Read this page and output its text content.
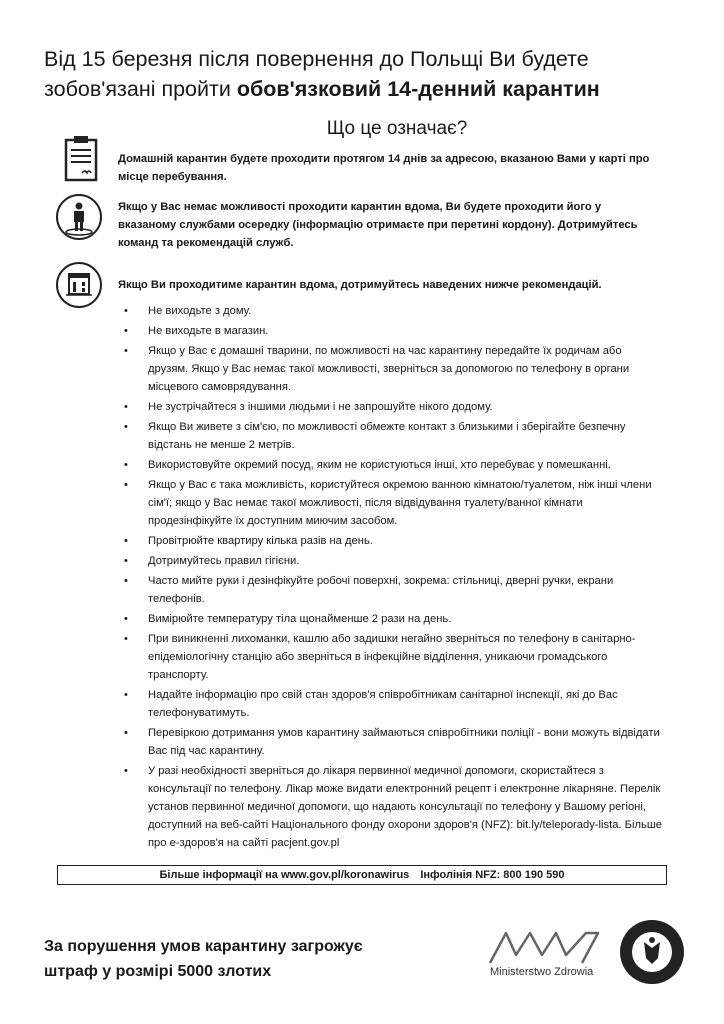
Від 15 березня після повернення до Польщі Ви будете зобов'язані пройти обов'язковий 14-денний карантин
Що це означає?
Домашній карантин будете проходити протягом 14 днів за адресою, вказаною Вами у карті про місце перебування.
Якщо у Вас немає можливості проходити карантин вдома, Ви будете проходити його у вказаному службами осередку (інформацію отримаєте при перетині кордону). Дотримуйтесь команд та рекомендацій служб.
Якщо Ви проходитиме карантин вдома, дотримуйтесь наведених нижче рекомендацій.
• Не виходьте з дому.
• Не виходьте в магазин.
• Якщо у Вас є домашні тварини, по можливості на час карантину передайте їх родичам або друзям. Якщо у Вас немає такої можливості, зверніться за допомогою по телефону в органи місцевого самоврядування.
• Не зустрічайтеся з іншими людьми і не запрошуйте нікого додому.
• Якщо Ви живете з сім'єю, по можливості обмежте контакт з близькими і зберігайте безпечну відстань не менше 2 метрів.
• Використовуйте окремий посуд, яким не користуються інші, хто перебуває у помешканні.
• Якщо у Вас є така можливість, користуйтеся окремою ванною кімнатою/туалетом, ніж інші члени сім'ї; якщо у Вас немає такої можливості, після відвідування туалету/ванної кімнати продезінфікуйте їх доступним миючим засобом.
• Провітрюйте квартиру кілька разів на день.
• Дотримуйтесь правил гігієни.
• Часто мийте руки і дезінфікуйте робочі поверхні, зокрема: стільниці, дверні ручки, екрани телефонів.
• Вимірюйте температуру тіла щонайменше 2 рази на день.
• При виникненні лихоманки, кашлю або задишки негайно зверніться по телефону в санітарно-епідеміологічну станцію або зверніться в інфекційне відділення, уникаючи громадського транспорту.
• Надайте інформацію про свій стан здоров'я співробітникам санітарної інспекції, які до Вас телефонуватимуть.
• Перевіркою дотримання умов карантину займаються співробітники поліції - вони можуть відвідати Вас під час карантину.
• У разі необхідності зверніться до лікаря первинної медичної допомоги, скористайтеся з консультації по телефону. Лікар може видати електронний рецепт і електронне лікарняне. Перелік установ первинної медичної допомоги, що надають консультації по телефону у Вашому регіоні, доступний на веб-сайті Національного фонду охорони здоров'я (NFZ): bit.ly/teleporady-lista. Більше про е-здоров'я на сайті pacjent.gov.pl
Більше інформації на www.gov.pl/koronawirus Інфолінія NFZ: 800 190 590
За порушення умов карантину загрожує
штраф у розмірі 5000 злотих	Ministerstwo Zdrowia
